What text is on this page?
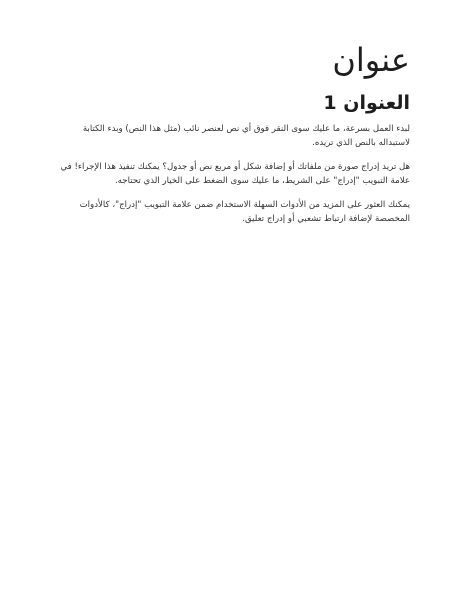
عنوان
العنوان 1

لبدء العمل بسرعة، ما عليك سوى النقر فوق أي نص لعنصر نائب (مثل هذا النص) وبدء الكتابة لاستبداله بالنص الذي تريده.

هل تريد إدراج صورة من ملفاتك أو إضافة شكل أو مربع نص أو جدول؟ يمكنك تنفيذ هذا الإجراء! في علامة التبويب "إدراج" على الشريط، ما عليك سوى الضغط على الخيار الذي تحتاجه.

يمكنك العثور على المزيد من الأدوات السهلة الاستخدام ضمن علامة التبويب "إدراج"، كالأدوات المخصصة لإضافة ارتباط تشعبي أو إدراج تعليق.
